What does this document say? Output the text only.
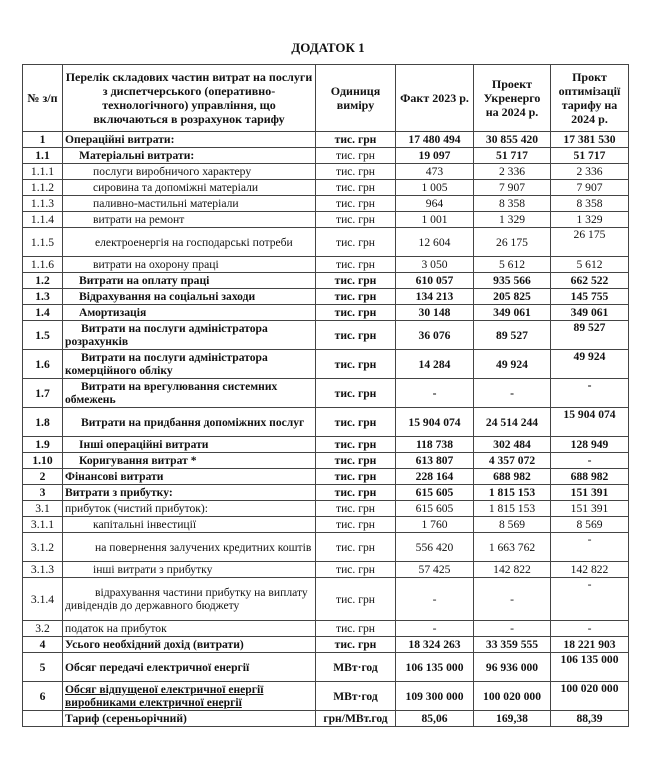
ДОДАТОК 1
№ з/п	Перелік складових частин витрат на послуги з диспетчерського (оперативно-технологічного) управління, що включаються в розрахунок тарифу	Одиниця виміру	Факт 2023 р.	Проект Укренерго на 2024 р.	Прокт оптимізації тарифу на 2024 р.
1	Операційні витрати:	тис. грн	17 480 494	30 855 420	17 381 530
1.1	Матеріальні витрати:	тис. грн	19 097	51 717	51 717
1.1.1	послуги виробничого характеру	тис. грн	473	2 336	2 336
1.1.2	сировина та допоміжні матеріали	тис. грн	1 005	7 907	7 907
1.1.3	паливно-мастильні матеріали	тис. грн	964	8 358	8 358
1.1.4	витрати на ремонт	тис. грн	1 001	1 329	1 329
1.1.5	електроенергія на господарські потреби	тис. грн	12 604	26 175	26 175
1.1.6	витрати на охорону праці	тис. грн	3 050	5 612	5 612
1.2	Витрати на оплату праці	тис. грн	610 057	935 566	662 522
1.3	Відрахування на соціальні заходи	тис. грн	134 213	205 825	145 755
1.4	Амортизація	тис. грн	30 148	349 061	349 061
1.5	Витрати на послуги адміністратора розрахунків	тис. грн	36 076	89 527	89 527
1.6	Витрати на послуги адміністратора комерційного обліку	тис. грн	14 284	49 924	49 924
1.7	Витрати на врегулювання системних обмежень	тис. грн	-	-	-
1.8	Витрати на придбання допоміжних послуг	тис. грн	15 904 074	24 514 244	15 904 074
1.9	Інші операційні витрати	тис. грн	118 738	302 484	128 949
1.10	Коригування витрат *	тис. грн	613 807	4 357 072	-
2	Фінансові витрати	тис. грн	228 164	688 982	688 982
3	Витрати з прибутку:	тис. грн	615 605	1 815 153	151 391
3.1	прибуток (чистий прибуток):	тис. грн	615 605	1 815 153	151 391
3.1.1	капітальні інвестиції	тис. грн	1 760	8 569	8 569
3.1.2	на повернення залучених кредитних коштів	тис. грн	556 420	1 663 762	-
3.1.3	інші витрати з прибутку	тис. грн	57 425	142 822	142 822
3.1.4	відрахування частини прибутку на виплату дивідендів до державного бюджету	тис. грн	-	-	-
3.2	податок на прибуток	тис. грн	-	-	-
4	Усього необхідний дохід (витрати)	тис. грн	18 324 263	33 359 555	18 221 903
5	Обсяг передачі електричної енергії	МВт·год	106 135 000	96 936 000	106 135 000
6	Обсяг відпущеної електричної енергії виробниками електричної енергії	МВт·год	109 300 000	100 020 000	100 020 000
	Тариф (сереньорічний)	грн/МВт.год	85,06	169,38	88,39
